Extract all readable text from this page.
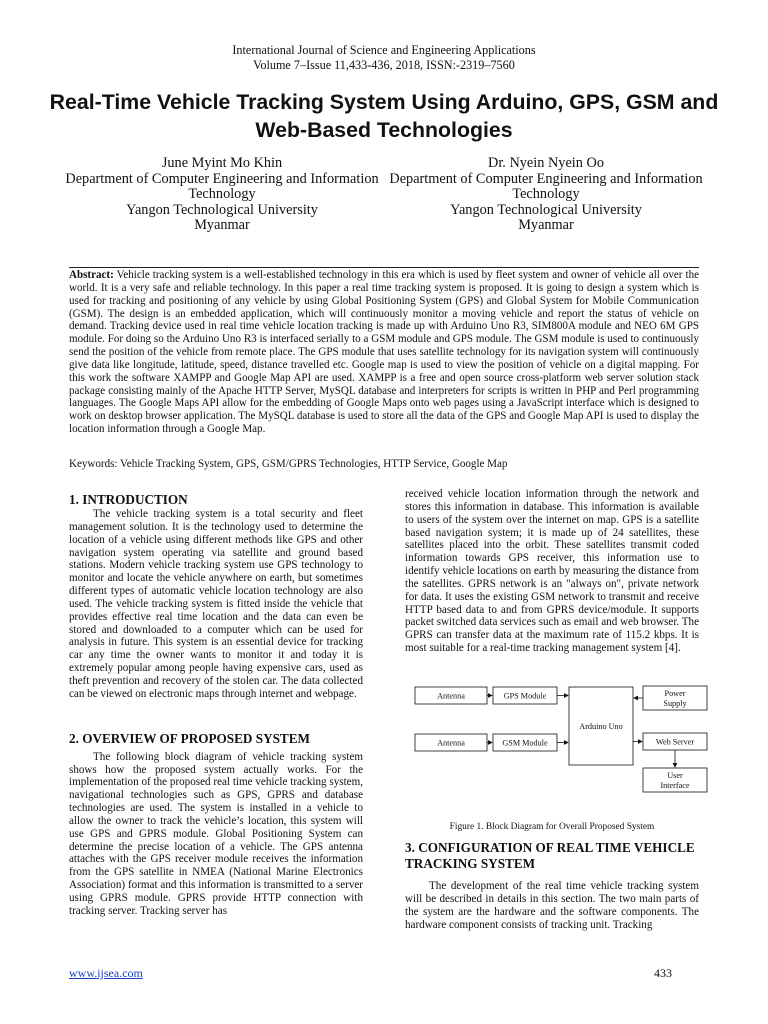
International Journal of Science and Engineering Applications
Volume 7–Issue 11,433-436, 2018, ISSN:-2319–7560
Real-Time Vehicle Tracking System Using Arduino, GPS, GSM and Web-Based Technologies
June Myint Mo Khin
Department of Computer Engineering and Information Technology
Yangon Technological University
Myanmar
Dr. Nyein Nyein Oo
Department of Computer Engineering and Information Technology
Yangon Technological University
Myanmar
Abstract: Vehicle tracking system is a well-established technology in this era which is used by fleet system and owner of vehicle all over the world. It is a very safe and reliable technology. In this paper a real time tracking system is proposed. It is going to design a system which is used for tracking and positioning of any vehicle by using Global Positioning System (GPS) and Global System for Mobile Communication (GSM). The design is an embedded application, which will continuously monitor a moving vehicle and report the status of vehicle on demand. Tracking device used in real time vehicle location tracking is made up with Arduino Uno R3, SIM800A module and NEO 6M GPS module. For doing so the Arduino Uno R3 is interfaced serially to a GSM module and GPS module. The GSM module is used to continuously send the position of the vehicle from remote place. The GPS module that uses satellite technology for its navigation system will continuously give data like longitude, latitude, speed, distance travelled etc. Google map is used to view the position of vehicle on a digital mapping. For this work the software XAMPP and Google Map API are used. XAMPP is a free and open source cross-platform web server solution stack package consisting mainly of the Apache HTTP Server, MySQL database and interpreters for scripts is written in PHP and Perl programming languages. The Google Maps API allow for the embedding of Google Maps onto web pages using a JavaScript interface which is designed to work on desktop browser application. The MySQL database is used to store all the data of the GPS and Google Map API is used to display the location information through a Google Map.
Keywords: Vehicle Tracking System, GPS, GSM/GPRS Technologies, HTTP Service, Google Map
1. INTRODUCTION

The vehicle tracking system is a total security and fleet management solution. It is the technology used to determine the location of a vehicle using different methods like GPS and other navigation system operating via satellite and ground based stations. Modern vehicle tracking system use GPS technology to monitor and locate the vehicle anywhere on earth, but sometimes different types of automatic vehicle location technology are also used. The vehicle tracking system is fitted inside the vehicle that provides effective real time location and the data can even be stored and downloaded to a computer which can be used for analysis in future. This system is an essential device for tracking car any time the owner wants to monitor it and today it is extremely popular among people having expensive cars, used as theft prevention and recovery of the stolen car. The data collected can be viewed on electronic maps through internet and webpage.

2. OVERVIEW OF PROPOSED SYSTEM

The following block diagram of vehicle tracking system shows how the proposed system actually works. For the implementation of the proposed real time vehicle tracking system, navigational technologies such as GPS, GPRS and database technologies are used. The system is installed in a vehicle to allow the owner to track the vehicle’s location, this system will use GPS and GPRS module. Global Positioning System can determine the precise location of a vehicle. The GPS antenna attaches with the GPS receiver module receives the information from the GPS satellite in NMEA (National Marine Electronics Association) format and this information is transmitted to a server using GPRS module. GPRS provide HTTP connection with tracking server. Tracking server has

received vehicle location information through the network and stores this information in database. This information is available to users of the system over the internet on map. GPS is a satellite based navigation system; it is made up of 24 satellites, these satellites placed into the orbit. These satellites transmit coded information towards GPS receiver, this information use to identify vehicle locations on earth by measuring the distance from the satellites. GPRS network is an "always on", private network for data. It uses the existing GSM network to transmit and receive HTTP based data to and from GPRS device/module. It supports packet switched data services such as email and web browser. The GPRS can transfer data at the maximum rate of 115.2 kbps. It is most suitable for a real-time tracking management system [4].

Antenna	GPS Module
Antenna	GSM Module
Arduino Uno
Power
Supply
Web Server
User
Interface
Figure 1. Block Diagram for Overall Proposed System
3. CONFIGURATION OF REAL TIME VEHICLE TRACKING SYSTEM

The development of the real time vehicle tracking system will be described in details in this section. The two main parts of the system are the hardware and the software components. The hardware component consists of tracking unit. Tracking

www.ijsea.com	433
